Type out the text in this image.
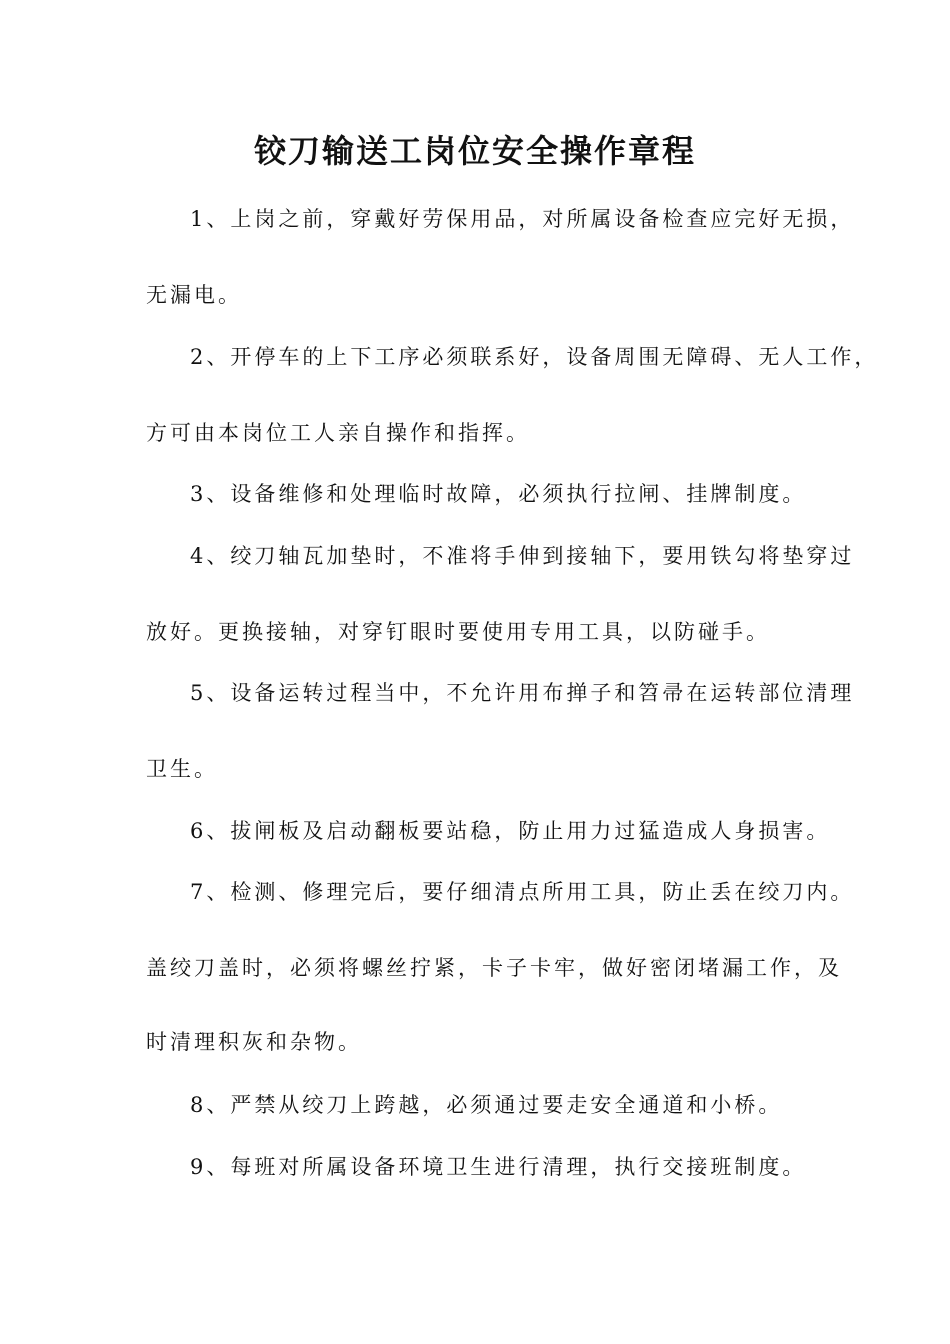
铰刀输送工岗位安全操作章程
1、上岗之前，穿戴好劳保用品，对所属设备检查应完好无损，
无漏电。
2、开停车的上下工序必须联系好，设备周围无障碍、无人工作，
方可由本岗位工人亲自操作和指挥。
3、设备维修和处理临时故障，必须执行拉闸、挂牌制度。
4、绞刀轴瓦加垫时，不准将手伸到接轴下，要用铁勾将垫穿过
放好。更换接轴，对穿钉眼时要使用专用工具，以防碰手。
5、设备运转过程当中，不允许用布掸子和笤帚在运转部位清理
卫生。
6、拔闸板及启动翻板要站稳，防止用力过猛造成人身损害。
7、检测、修理完后，要仔细清点所用工具，防止丢在绞刀内。
盖绞刀盖时，必须将螺丝拧紧，卡子卡牢，做好密闭堵漏工作，及
时清理积灰和杂物。
8、严禁从绞刀上跨越，必须通过要走安全通道和小桥。
9、每班对所属设备环境卫生进行清理，执行交接班制度。
